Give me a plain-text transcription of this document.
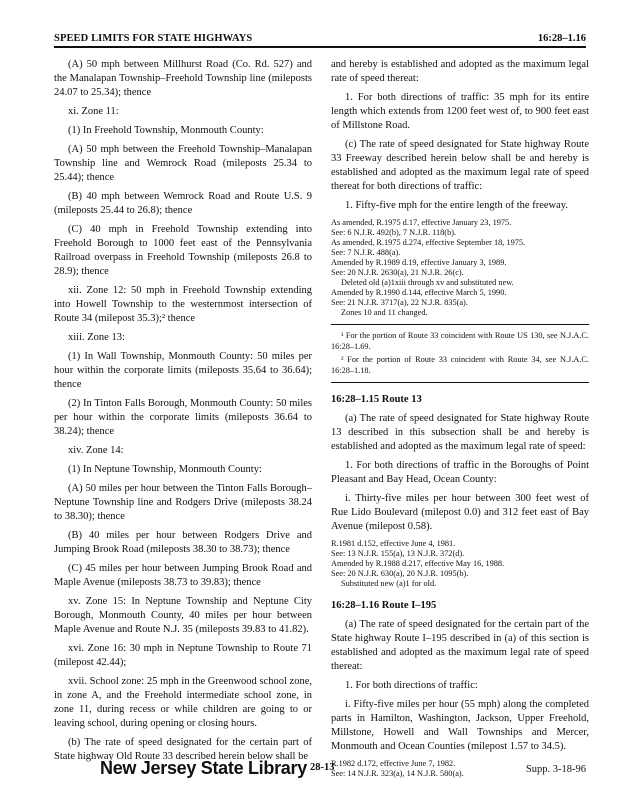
SPEED LIMITS FOR STATE HIGHWAYS	16:28–1.16

(A) 50 mph between Millhurst Road (Co. Rd. 527) and the Manalapan Township–Freehold Township line (mileposts 24.07 to 25.34); thence

xi. Zone 11:

(1) In Freehold Township, Monmouth County:

(A) 50 mph between the Freehold Township–Manalapan Township line and Wemrock Road (mileposts 25.34 to 25.44); thence

(B) 40 mph between Wemrock Road and Route U.S. 9 (mileposts 25.44 to 26.8); thence

(C) 40 mph in Freehold Township extending into Freehold Borough to 1000 feet east of the Pennsylvania Railroad overpass in Freehold Township (mileposts 26.8 to 28.9); thence

xii. Zone 12: 50 mph in Freehold Township extending into Howell Township to the westernmost intersection of Route 34 (milepost 35.3);² thence

xiii. Zone 13:

(1) In Wall Township, Monmouth County: 50 miles per hour within the corporate limits (mileposts 35.64 to 36.64); thence

(2) In Tinton Falls Borough, Monmouth County: 50 miles per hour within the corporate limits (mileposts 36.64 to 38.24); thence

xiv. Zone 14:

(1) In Neptune Township, Monmouth County:

(A) 50 miles per hour between the Tinton Falls Borough–Neptune Township line and Rodgers Drive (mileposts 38.24 to 38.30); thence

(B) 40 miles per hour between Rodgers Drive and Jumping Brook Road (mileposts 38.30 to 38.73); thence

(C) 45 miles per hour between Jumping Brook Road and Maple Avenue (mileposts 38.73 to 39.83); thence

xv. Zone 15: In Neptune Township and Neptune City Borough, Monmouth County, 40 miles per hour between Maple Avenue and Route N.J. 35 (mileposts 39.83 to 41.82).

xvi. Zone 16: 30 mph in Neptune Township to Route 71 (milepost 42.44);

xvii. School zone: 25 mph in the Greenwood school zone, in zone A, and the Freehold intermediate school zone, in zone 11, during recess or while children are going to or leaving school, during opening or closing hours.

(b) The rate of speed designated for the certain part of State highway Old Route 33 described herein below shall be

and hereby is established and adopted as the maximum legal rate of speed thereat:

1. For both directions of traffic: 35 mph for its entire length which extends from 1200 feet west of, to 900 feet east of Millstone Road.

(c) The rate of speed designated for State highway Route 33 Freeway described herein below shall be and hereby is established and adopted as the maximum legal rate of speed thereat for both directions of traffic:

1. Fifty-five mph for the entire length of the freeway.

As amended, R.1975 d.17, effective January 23, 1975.

See: 6 N.J.R. 492(b), 7 N.J.R. 118(b).

As amended, R.1975 d.274, effective September 18, 1975.

See: 7 N.J.R. 488(a).

Amended by R.1989 d.19, effective January 3, 1989.

See: 20 N.J.R. 2630(a), 21 N.J.R. 26(c).

Deleted old (a)1xiii through xv and substituted new.

Amended by R.1990 d.144, effective March 5, 1990.

See: 21 N.J.R. 3717(a), 22 N.J.R. 835(a).

Zones 10 and 11 changed.

¹ For the portion of Route 33 coincident with Route US 130, see N.J.A.C. 16:28–1.69.

² For the portion of Route 33 coincident with Route 34, see N.J.A.C. 16:28–1.18.

16:28–1.15 Route 13

(a) The rate of speed designated for State highway Route 13 described in this subsection shall be and hereby is established and adopted as the maximum legal rate of speed:

1. For both directions of traffic in the Boroughs of Point Pleasant and Bay Head, Ocean County:

i. Thirty-five miles per hour between 300 feet west of Rue Lido Boulevard (milepost 0.0) and 312 feet east of Bay Avenue (milepost 0.58).

R.1981 d.152, effective June 4, 1981.

See: 13 N.J.R. 155(a), 13 N.J.R. 372(d).

Amended by R.1988 d.217, effective May 16, 1988.

See: 20 N.J.R. 630(a), 20 N.J.R. 1095(b).

Substituted new (a)1 for old.

16:28–1.16 Route I–195

(a) The rate of speed designated for the certain part of the State highway Route I–195 described in (a) of this section is established and adopted as the maximum legal rate of speed thereat:

1. For both directions of traffic:

i. Fifty-five miles per hour (55 mph) along the completed parts in Hamilton, Washington, Jackson, Upper Freehold, Millstone, Howell and Wall Townships and Mercer, Monmouth and Ocean Counties (milepost 1.57 to 34.5).

R.1982 d.172, effective June 7, 1982.

See: 14 N.J.R. 323(a), 14 N.J.R. 580(a).

New Jersey State Library 28-13	Supp. 3-18-96
